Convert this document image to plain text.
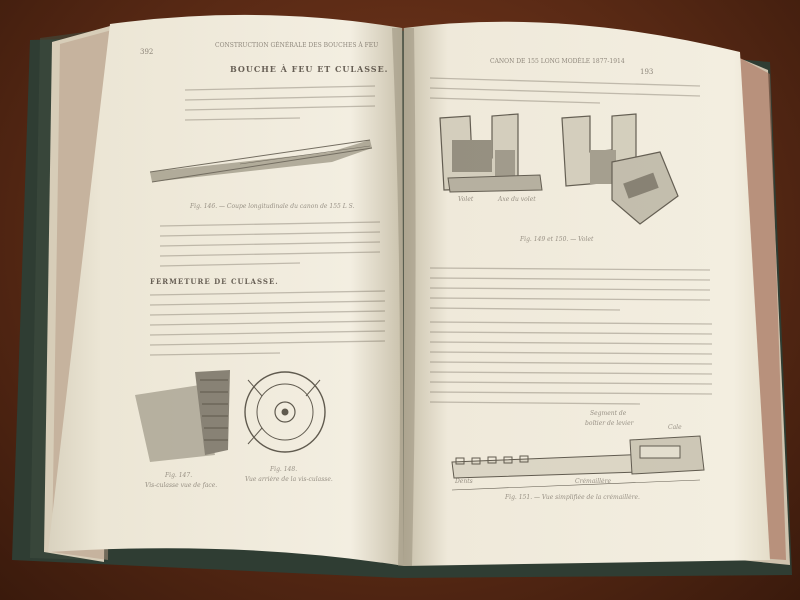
392
CONSTRUCTION GÉNÉRALE DES BOUCHES À FEU
BOUCHE À FEU ET CULASSE.
Fig. 146. — Coupe longitudinale du canon de 155 L S.
FERMETURE DE CULASSE.
Fig. 147.
Vis-culasse vue de face.
Fig. 148.
Vue arrière de la vis-culasse.
193
CANON DE 155 LONG MODÈLE 1877-1914
Volet	Axe du volet
Fig. 149 et 150. — Volet
Segment de
boîtier de levier
Cale
Dents	Crémaillère
Fig. 151. — Vue simplifiée de la crémaillère.
